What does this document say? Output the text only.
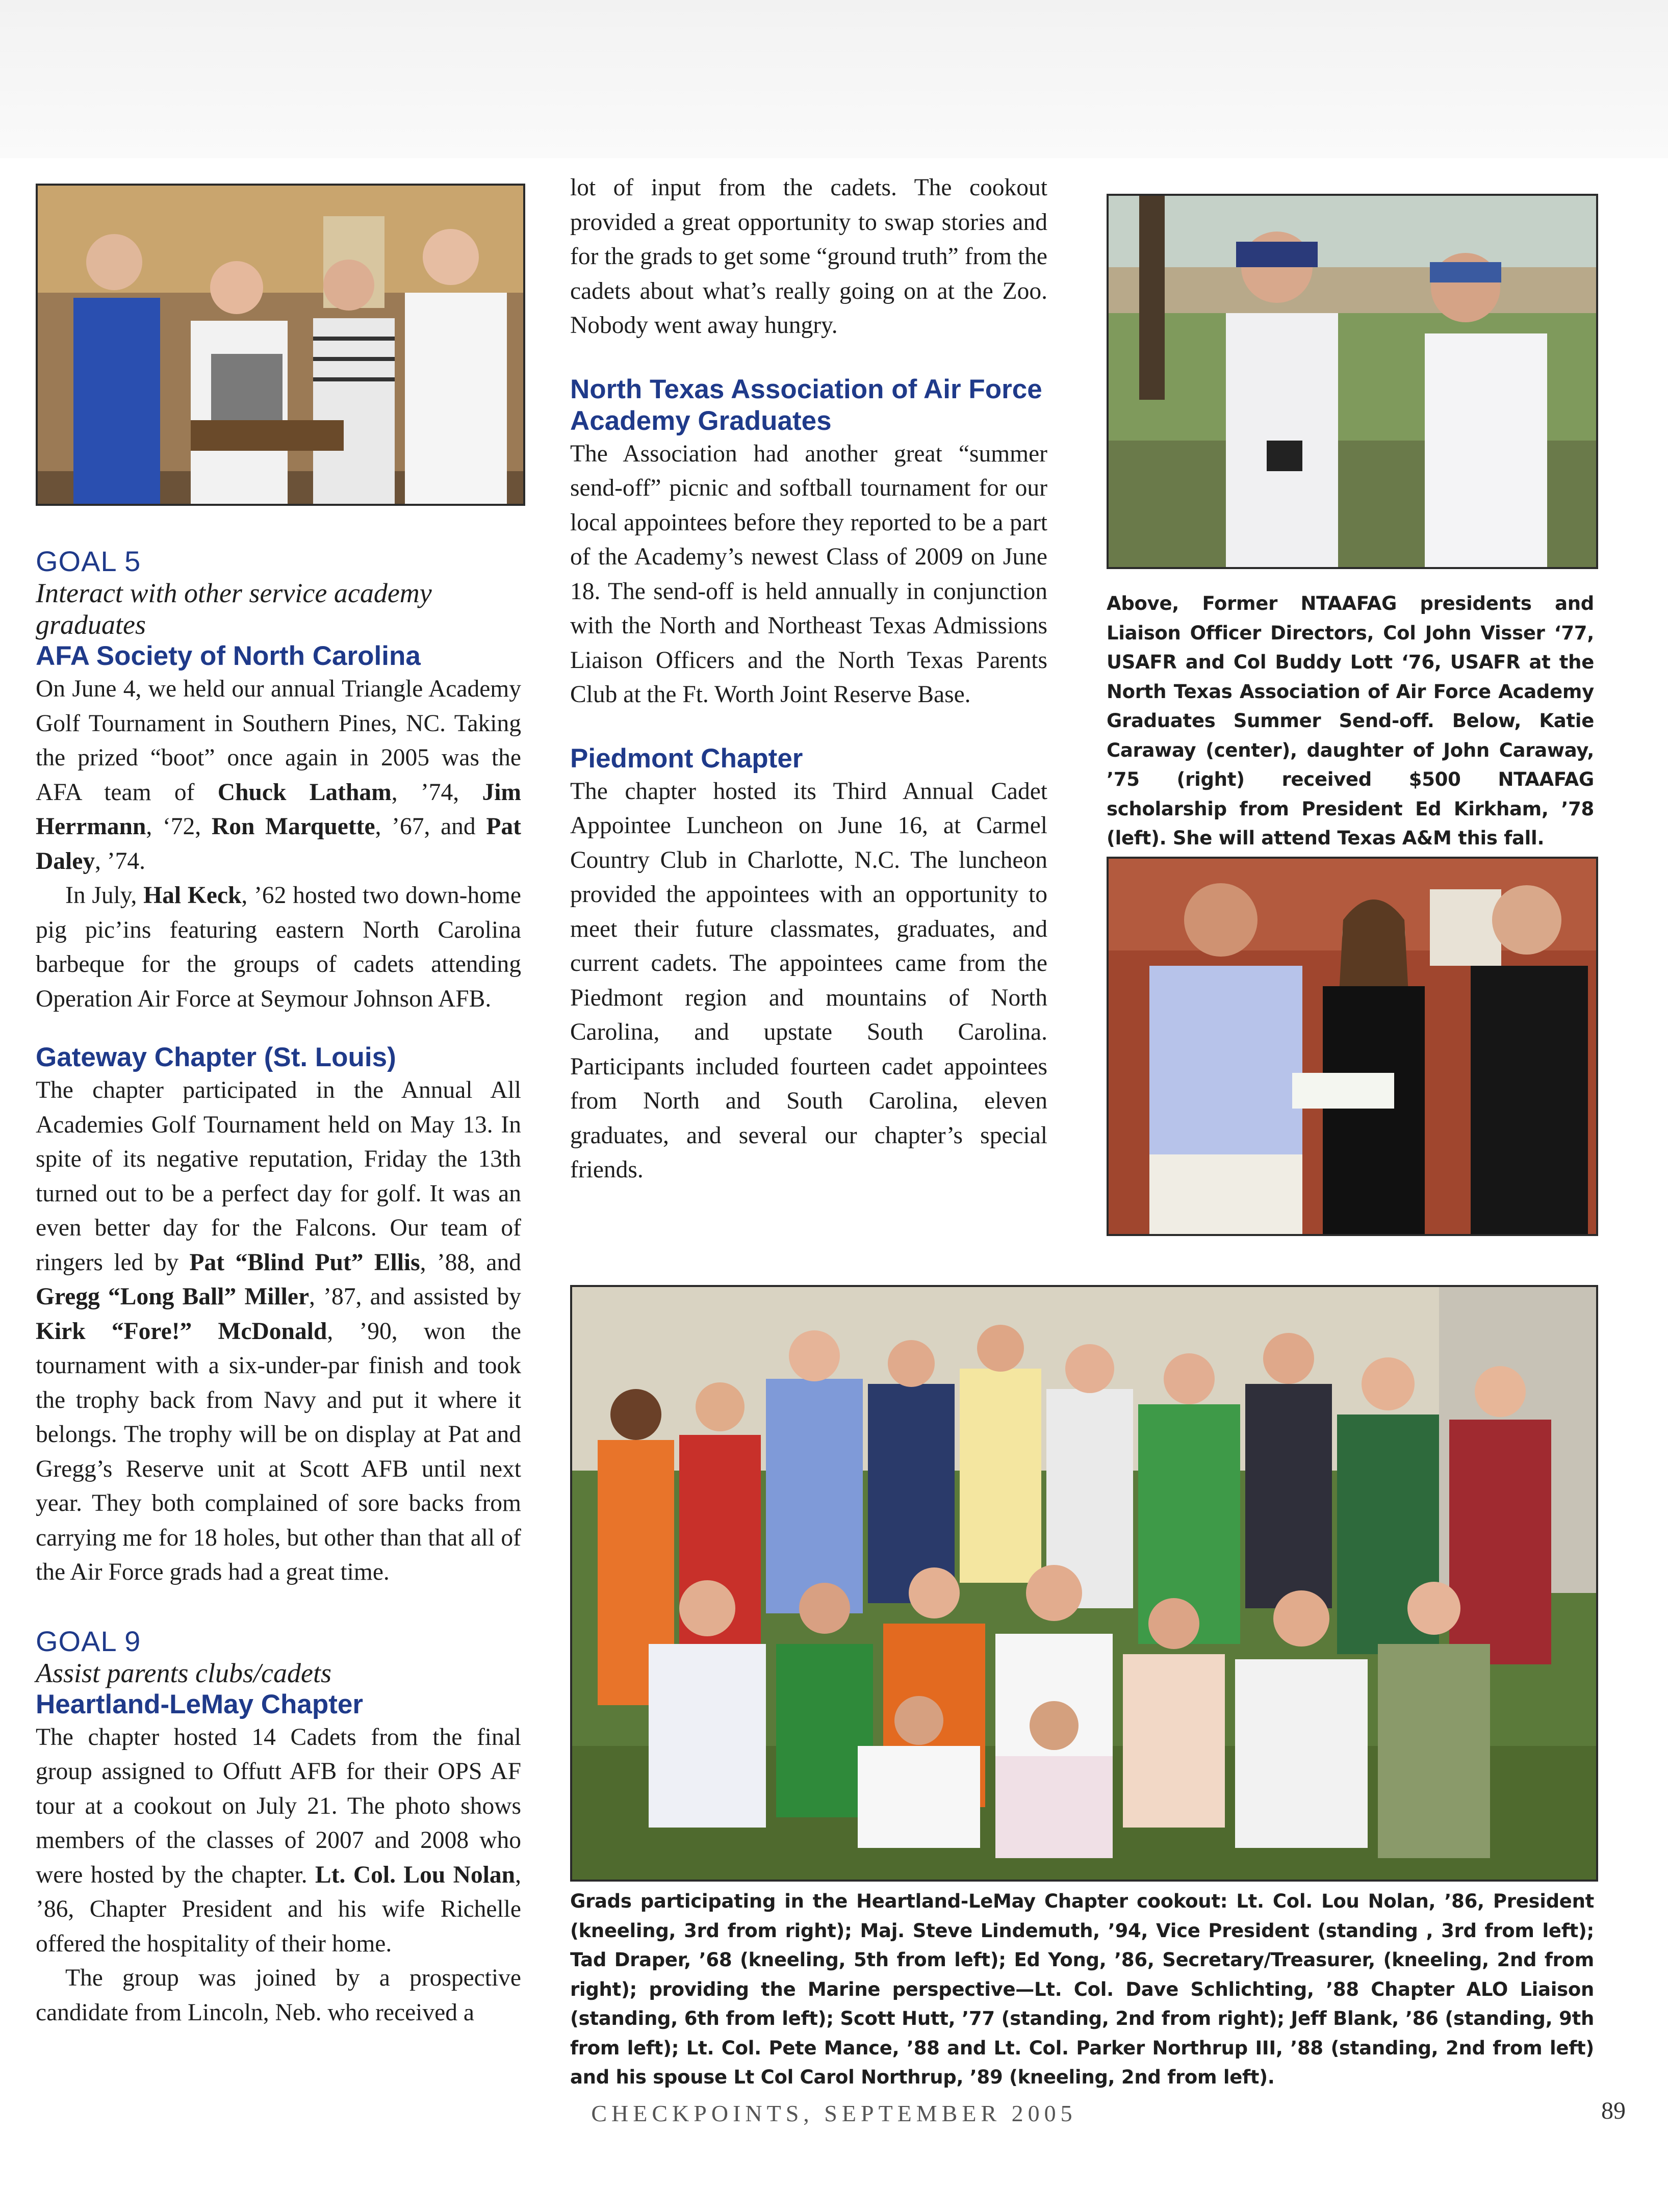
GOAL 5
Interact with other service academy graduates
AFA Society of North Carolina

On June 4, we held our annual Triangle Academy Golf Tournament in Southern Pines, NC. Taking the prized “boot” once again in 2005 was the AFA team of Chuck Latham, ’74, Jim Herrmann, ‘72, Ron Marquette, ’67, and Pat Daley, ’74.

In July, Hal Keck, ’62 hosted two down-home pig pic’ins featuring eastern North Carolina barbeque for the groups of cadets attending Operation Air Force at Seymour Johnson AFB.

Gateway Chapter (St. Louis)

The chapter participated in the Annual All Academies Golf Tournament held on May 13. In spite of its negative reputation, Friday the 13th turned out to be a perfect day for golf. It was an even better day for the Falcons. Our team of ringers led by Pat “Blind Put” Ellis, ’88, and Gregg “Long Ball” Miller, ’87, and assisted by Kirk “Fore!” McDonald, ’90, won the tournament with a six-under-par finish and took the trophy back from Navy and put it where it belongs. The trophy will be on display at Pat and Gregg’s Reserve unit at Scott AFB until next year. They both complained of sore backs from carrying me for 18 holes, but other than that all of the Air Force grads had a great time.

GOAL 9
Assist parents clubs/cadets
Heartland-LeMay Chapter

The chapter hosted 14 Cadets from the final group assigned to Offutt AFB for their OPS AF tour at a cookout on July 21. The photo shows members of the classes of 2007 and 2008 who were hosted by the chapter. Lt. Col. Lou Nolan, ’86, Chapter President and his wife Richelle offered the hospitality of their home.

The group was joined by a prospective candidate from Lincoln, Neb. who received a

lot of input from the cadets. The cookout provided a great opportunity to swap stories and for the grads to get some “ground truth” from the cadets about what’s really going on at the Zoo. Nobody went away hungry.

North Texas Association of Air Force Academy Graduates

The Association had another great “summer send-off” picnic and softball tournament for our local appointees before they reported to be a part of the Academy’s newest Class of 2009 on June 18. The send-off is held annually in conjunction with the North and Northeast Texas Admissions Liaison Officers and the North Texas Parents Club at the Ft. Worth Joint Reserve Base.

Piedmont Chapter

The chapter hosted its Third Annual Cadet Appointee Luncheon on June 16, at Carmel Country Club in Charlotte, N.C. The luncheon provided the appointees with an opportunity to meet their future classmates, graduates, and current cadets. The appointees came from the Piedmont region and mountains of North Carolina, and upstate South Carolina. Participants included fourteen cadet appointees from North and South Carolina, eleven graduates, and several our chapter’s special friends.

Above, Former NTAAFAG presidents and Liaison Officer Directors, Col John Visser ‘77, USAFR and Col Buddy Lott ‘76, USAFR at the North Texas Association of Air Force Academy Graduates Summer Send-off. Below, Katie Caraway (center), daughter of John Caraway, ’75 (right) received $500 NTAAFAG scholarship from President Ed Kirkham, ’78 (left). She will attend Texas A&M this fall.
Grads participating in the Heartland-LeMay Chapter cookout: Lt. Col. Lou Nolan, ’86, President (kneeling, 3rd from right); Maj. Steve Lindemuth, ’94, Vice President (standing , 3rd from left); Tad Draper, ’68 (kneeling, 5th from left); Ed Yong, ’86, Secretary/Treasurer, (kneeling, 2nd from right); providing the Marine perspective—Lt. Col. Dave Schlichting, ’88 Chapter ALO Liaison (standing, 6th from left); Scott Hutt, ’77 (standing, 2nd from right); Jeff Blank, ’86 (standing, 9th from left); Lt. Col. Pete Mance, ’88 and Lt. Col. Parker Northrup III, ’88 (standing, 2nd from left) and his spouse Lt Col Carol Northrup, ’89 (kneeling, 2nd from left).
CHECKPOINTS, SEPTEMBER 2005	89
